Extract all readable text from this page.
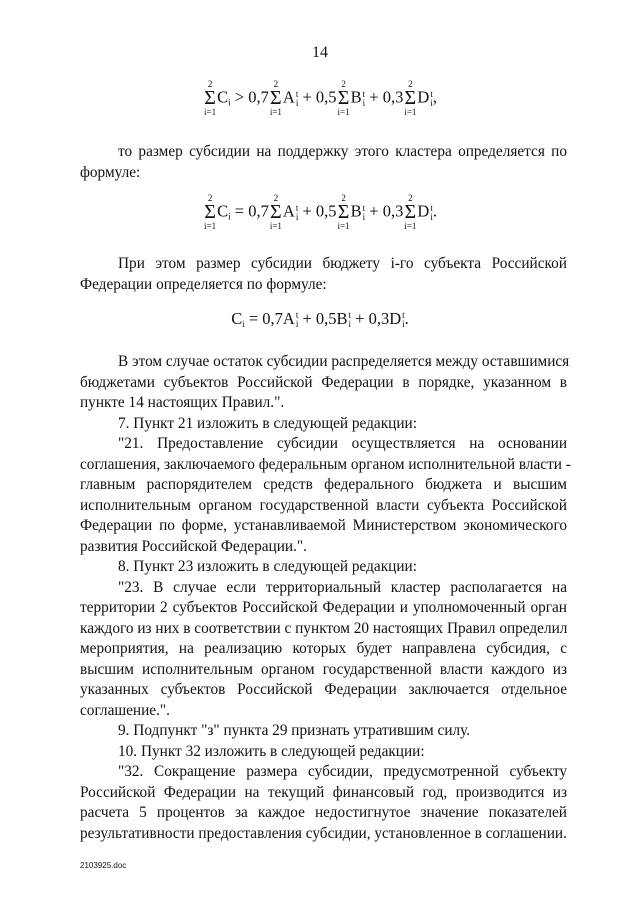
14
2
Σ
i=1
Ci > 0,7
2
Σ
i=1
A t
i + 0,5
2
Σ
i=1
B t
i + 0,3
2
Σ
i=1
D t
i ,
то размер субсидии на поддержку этого кластера определяется по
формуле:
2
Σ
i=1
Ci = 0,7
2
Σ
i=1
A t
i + 0,5
2
Σ
i=1
B t
i + 0,3
2
Σ
i=1
D t
i .
При этом размер субсидии бюджету i-го субъекта Российской
Федерации определяется по формуле:
Ci = 0,7A t
i + 0,5B t
i + 0,3D t
i .
В этом случае остаток субсидии распределяется между оставшимися
бюджетами субъектов Российской Федерации в порядке, указанном в
пункте 14 настоящих Правил.".
7. Пункт 21 изложить в следующей редакции:
"21. Предоставление субсидии осуществляется на основании
соглашения, заключаемого федеральным органом исполнительной власти -
главным распорядителем средств федерального бюджета и высшим
исполнительным органом государственной власти субъекта Российской
Федерации по форме, устанавливаемой Министерством экономического
развития Российской Федерации.".
8. Пункт 23 изложить в следующей редакции:
"23. В случае если территориальный кластер располагается на
территории 2 субъектов Российской Федерации и уполномоченный орган
каждого из них в соответствии с пунктом 20 настоящих Правил определил
мероприятия, на реализацию которых будет направлена субсидия, с
высшим исполнительным органом государственной власти каждого из
указанных субъектов Российской Федерации заключается отдельное
соглашение.".
9. Подпункт "з" пункта 29 признать утратившим силу.
10. Пункт 32 изложить в следующей редакции:
"32. Сокращение размера субсидии, предусмотренной субъекту
Российской Федерации на текущий финансовый год, производится из
расчета 5 процентов за каждое недостигнутое значение показателей
результативности предоставления субсидии, установленное в соглашении.
2103925.doc
